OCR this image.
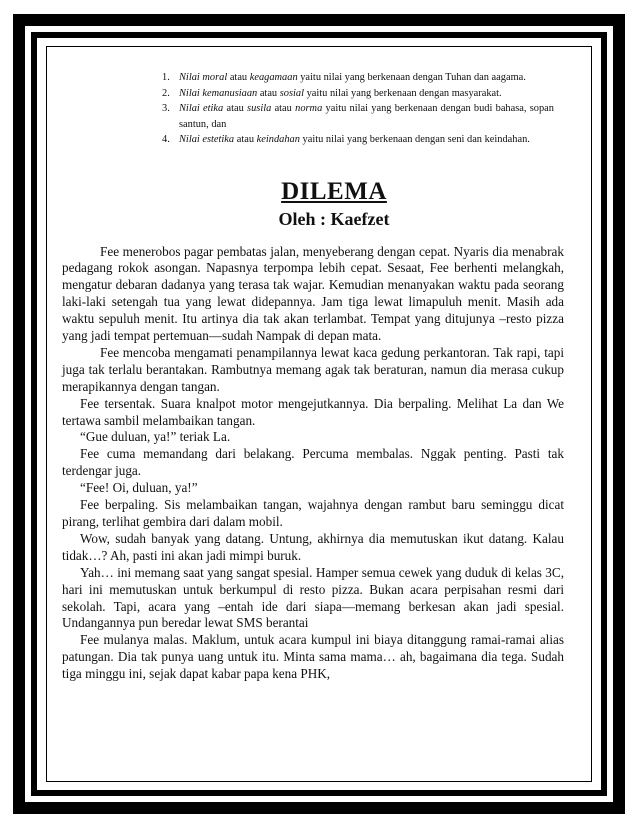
1. Nilai moral atau keagamaan yaitu nilai yang berkenaan dengan Tuhan dan aagama.
2. Nilai kemanusiaan atau sosial yaitu nilai yang berkenaan dengan masyarakat.
3. Nilai etika atau susila atau norma yaitu nilai yang berkenaan dengan budi bahasa, sopan santun, dan
4. Nilai estetika atau keindahan yaitu nilai yang berkenaan dengan seni dan keindahan.
DILEMA
Oleh : Kaefzet

Fee menerobos pagar pembatas jalan, menyeberang dengan cepat. Nyaris dia menabrak pedagang rokok asongan. Napasnya terpompa lebih cepat. Sesaat, Fee berhenti melangkah, mengatur debaran dadanya yang terasa tak wajar. Kemudian menanyakan waktu pada seorang laki-laki setengah tua yang lewat didepannya. Jam tiga lewat limapuluh menit. Masih ada waktu sepuluh menit. Itu artinya dia tak akan terlambat. Tempat yang ditujunya –resto pizza yang jadi tempat pertemuan—sudah Nampak di depan mata.

Fee mencoba mengamati penampilannya lewat kaca gedung perkantoran. Tak rapi, tapi juga tak terlalu berantakan. Rambutnya memang agak tak beraturan, namun dia merasa cukup merapikannya dengan tangan.

Fee tersentak. Suara knalpot motor mengejutkannya. Dia berpaling. Melihat La dan We tertawa sambil melambaikan tangan.

“Gue duluan, ya!” teriak La.

Fee cuma memandang dari belakang. Percuma membalas. Nggak penting. Pasti tak terdengar juga.

“Fee! Oi, duluan, ya!”

Fee berpaling. Sis melambaikan tangan, wajahnya dengan rambut baru seminggu dicat pirang, terlihat gembira dari dalam mobil.

Wow, sudah banyak yang datang. Untung, akhirnya dia memutuskan ikut datang. Kalau tidak…? Ah, pasti ini akan jadi mimpi buruk.

Yah… ini memang saat yang sangat spesial. Hamper semua cewek yang duduk di kelas 3C, hari ini memutuskan untuk berkumpul di resto pizza. Bukan acara perpisahan resmi dari sekolah. Tapi, acara yang –entah ide dari siapa—memang berkesan akan jadi spesial. Undangannya pun beredar lewat SMS berantai

Fee mulanya malas. Maklum, untuk acara kumpul ini biaya ditanggung ramai-ramai alias patungan. Dia tak punya uang untuk itu. Minta sama mama… ah, bagaimana dia tega. Sudah tiga minggu ini, sejak dapat kabar papa kena PHK,
